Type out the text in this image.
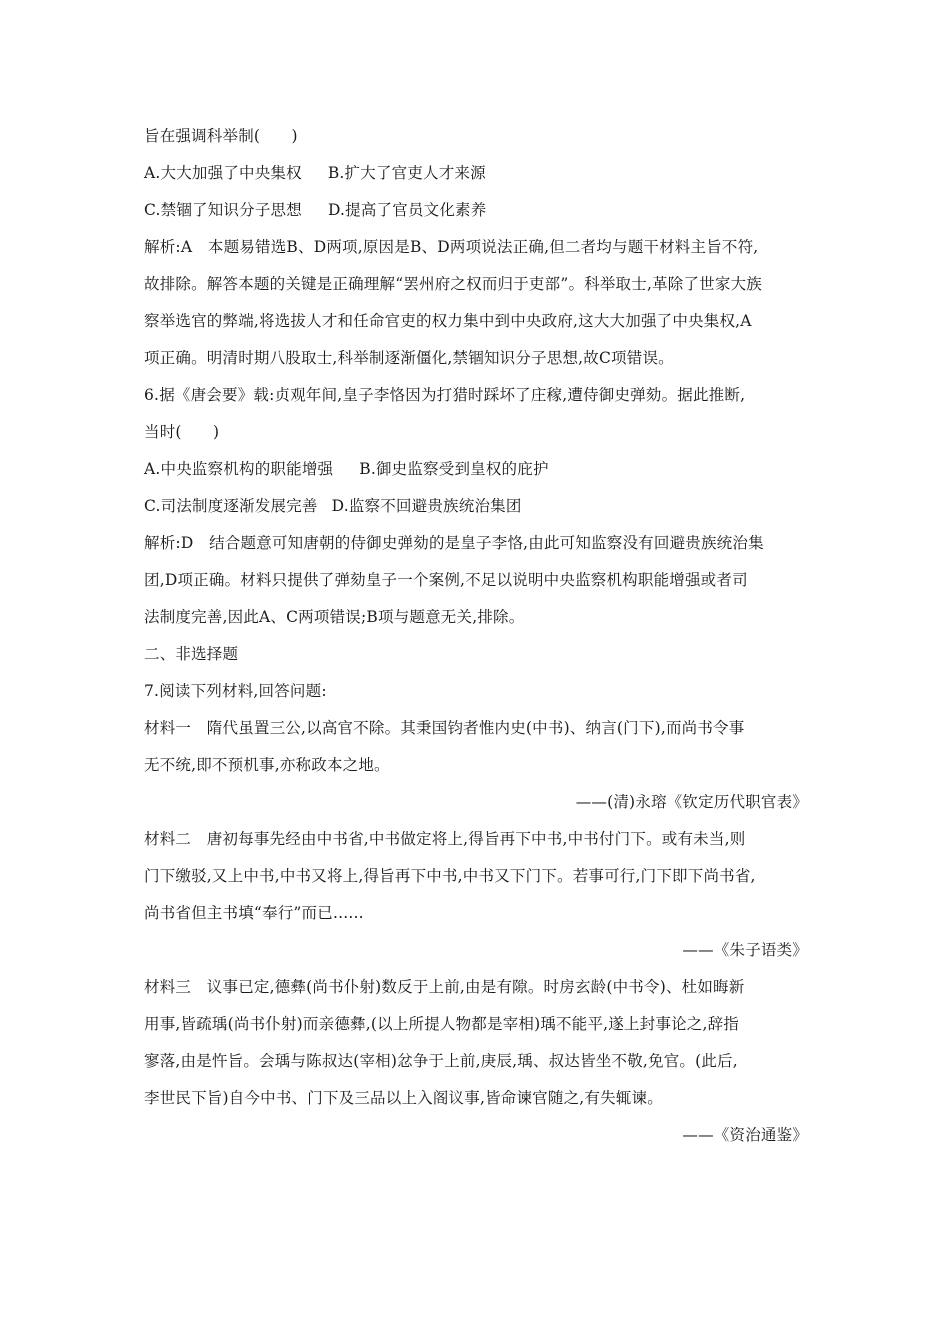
旨在强调科举制(　　)
A.大大加强了中央集权 B.扩大了官吏人才来源
C.禁锢了知识分子思想 D.提高了官员文化素养
解析:A　本题易错选B、D两项,原因是B、D两项说法正确,但二者均与题干材料主旨不符,
故排除。解答本题的关键是正确理解“罢州府之权而归于吏部”。科举取士,革除了世家大族
察举选官的弊端,将选拔人才和任命官吏的权力集中到中央政府,这大大加强了中央集权,A
项正确。明清时期八股取士,科举制逐渐僵化,禁锢知识分子思想,故C项错误。
6.据《唐会要》载:贞观年间,皇子李恪因为打猎时踩坏了庄稼,遭侍御史弹劾。据此推断,
当时(　　)
A.中央监察机构的职能增强 B.御史监察受到皇权的庇护
C.司法制度逐渐发展完善 D.监察不回避贵族统治集团
解析:D　结合题意可知唐朝的侍御史弹劾的是皇子李恪,由此可知监察没有回避贵族统治集
团,D项正确。材料只提供了弹劾皇子一个案例,不足以说明中央监察机构职能增强或者司
法制度完善,因此A、C两项错误;B项与题意无关,排除。
二、非选择题
7.阅读下列材料,回答问题:
材料一　隋代虽置三公,以高官不除。其秉国钧者惟内史(中书)、纳言(门下),而尚书令事
无不统,即不预机事,亦称政本之地。
——(清)永瑢《钦定历代职官表》
材料二　唐初每事先经由中书省,中书做定将上,得旨再下中书,中书付门下。或有未当,则
门下缴驳,又上中书,中书又将上,得旨再下中书,中书又下门下。若事可行,门下即下尚书省,
尚书省但主书填“奉行”而已......
——《朱子语类》
材料三　议事已定,德彝(尚书仆射)数反于上前,由是有隙。时房玄龄(中书令)、杜如晦新
用事,皆疏瑀(尚书仆射)而亲德彝,(以上所提人物都是宰相)瑀不能平,遂上封事论之,辞指
寥落,由是忤旨。会瑀与陈叔达(宰相)忿争于上前,庚辰,瑀、叔达皆坐不敬,免官。(此后,
李世民下旨)自今中书、门下及三品以上入阁议事,皆命谏官随之,有失辄谏。
——《资治通鉴》
